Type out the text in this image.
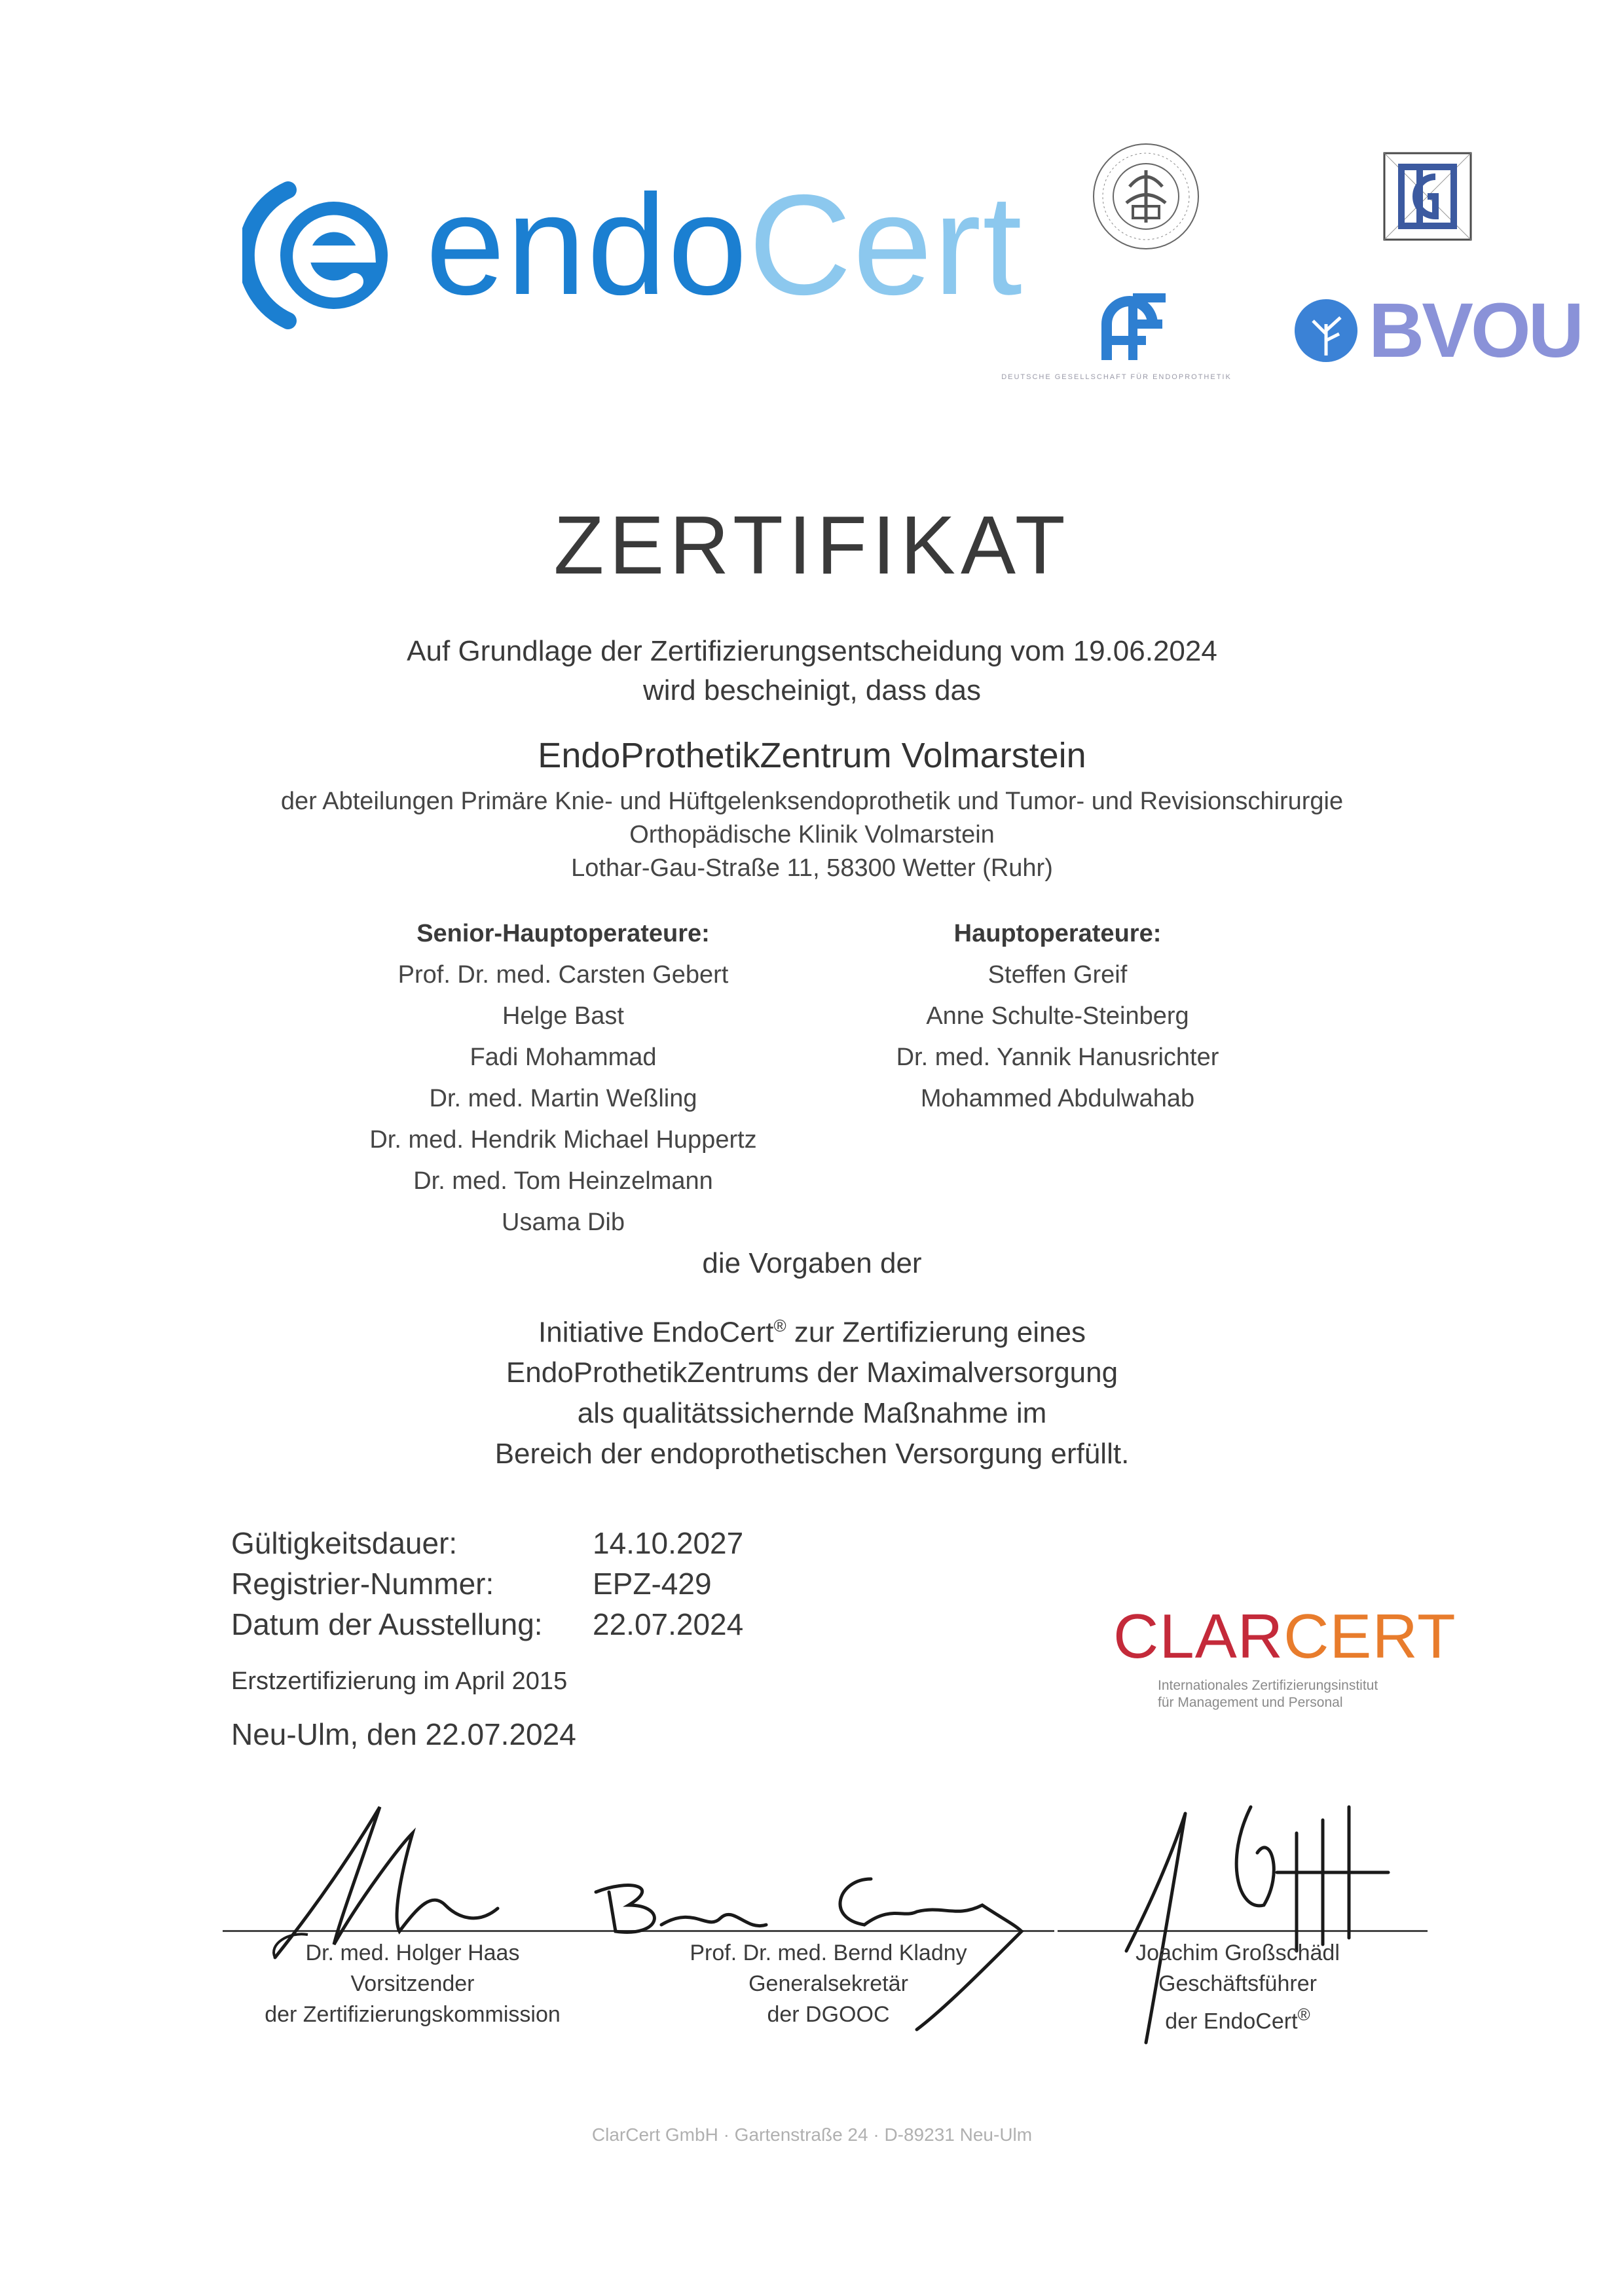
endoCert
DEUTSCHE GESELLSCHAFT FÜR ENDOPROTHETIK
BVOU
ZERTIFIKAT
Auf Grundlage der Zertifizierungsentscheidung vom 19.06.2024
wird bescheinigt, dass das
EndoProthetikZentrum Volmarstein
der Abteilungen Primäre Knie- und Hüftgelenksendoprothetik und Tumor- und Revisionschirurgie
Orthopädische Klinik Volmarstein
Lothar-Gau-Straße 11, 58300 Wetter (Ruhr)
Senior-Hauptoperateure:
Prof. Dr. med. Carsten Gebert
Helge Bast
Fadi Mohammad
Dr. med. Martin Weßling
Dr. med. Hendrik Michael Huppertz
Dr. med. Tom Heinzelmann
Usama Dib
Hauptoperateure:
Steffen Greif
Anne Schulte-Steinberg
Dr. med. Yannik Hanusrichter
Mohammed Abdulwahab
die Vorgaben der
Initiative EndoCert® zur Zertifizierung eines
EndoProthetikZentrums der Maximalversorgung
als qualitätssichernde Maßnahme im
Bereich der endoprothetischen Versorgung erfüllt.
Gültigkeitsdauer:	14.10.2027
Registrier-Nummer:	EPZ-429
Datum der Ausstellung: 22.07.2024
Erstzertifizierung im April 2015
Neu-Ulm, den 22.07.2024
CLARCERT
Internationales Zertifizierungsinstitut
für Management und Personal
Dr. med. Holger Haas
Vorsitzender
der Zertifizierungskommission
Prof. Dr. med. Bernd Kladny
Generalsekretär
der DGOOC
Joachim Großschädl
Geschäftsführer
der EndoCert®
ClarCert GmbH · Gartenstraße 24 · D-89231 Neu-Ulm
